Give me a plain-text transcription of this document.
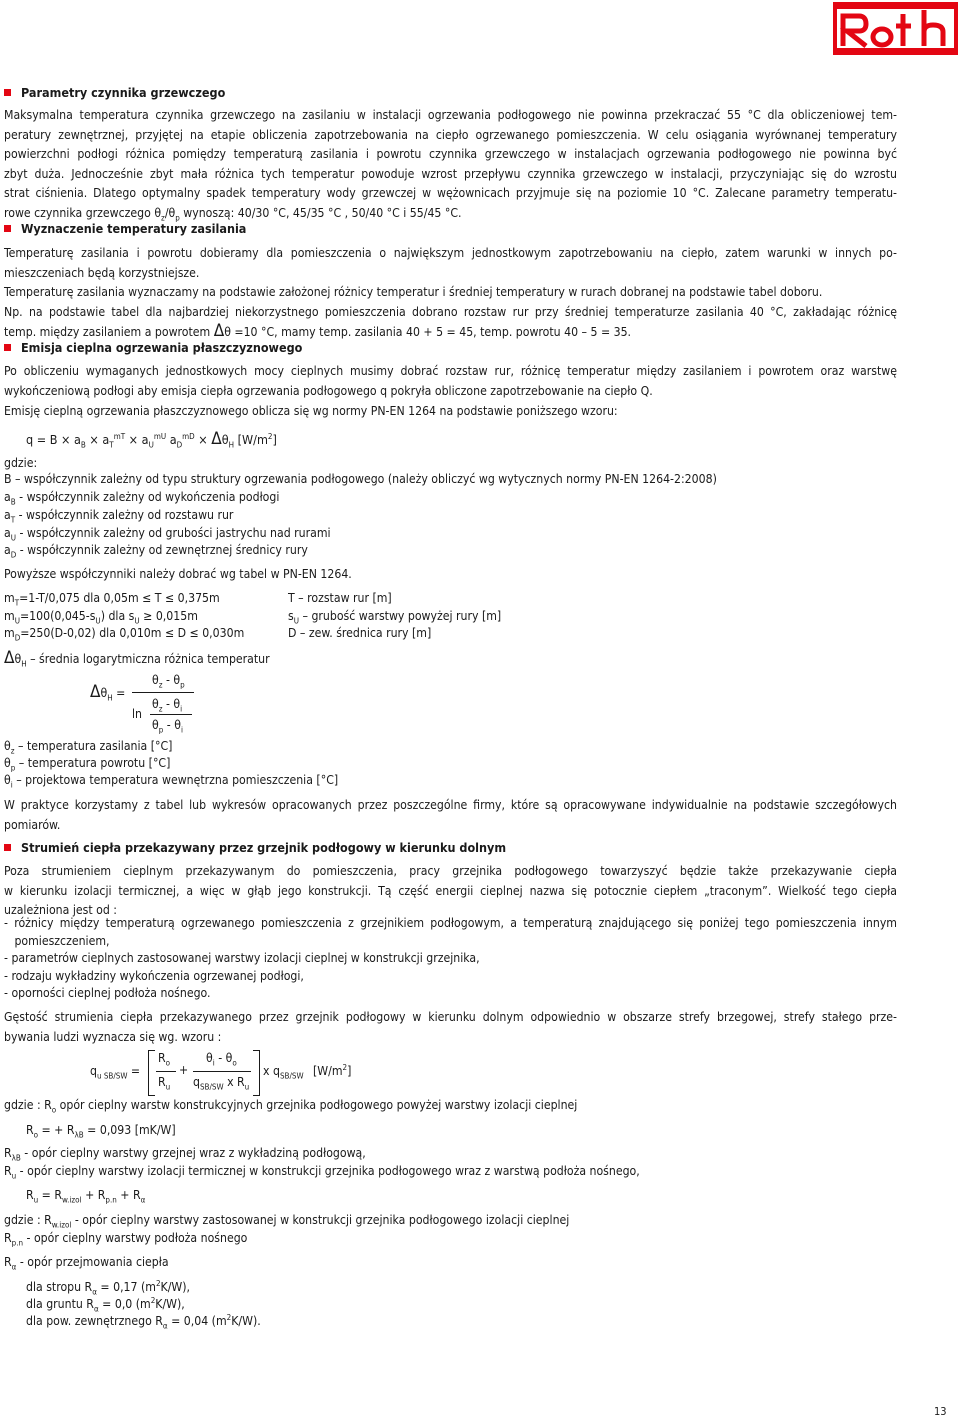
Parametry czynnika grzewczego
Maksymalna temperatura czynnika grzewczego na zasilaniu w instalacji ogrzewania podłogowego nie powinna przekraczać 55 °C dla obliczeniowej tem-
peratury zewnętrznej, przyjętej na etapie obliczenia zapotrzebowania na ciepło ogrzewanego pomieszczenia. W celu osiągania wyrównanej temperatury
powierzchni podłogi różnica pomiędzy temperaturą zasilania i powrotu czynnika grzewczego w instalacjach ogrzewania podłogowego nie powinna być
zbyt duża. Jednocześnie zbyt mała różnica tych temperatur powoduje wzrost przepływu czynnika grzewczego w instalacji, przyczyniając się do wzrostu
strat ciśnienia. Dlatego optymalny spadek temperatury wody grzewczej w wężownicach przyjmuje się na poziomie 10 °C. Zalecane parametry temperatu-
rowe czynnika grzewczego $\theta_z/\theta_p$ wynoszą: 40/30 °C, 45/35 °C , 50/40 °C i 55/45 °C.
Wyznaczenie temperatury zasilania
Temperaturę zasilania i powrotu dobieramy dla pomieszczenia o największym jednostkowym zapotrzebowaniu na ciepło, zatem warunki w innych po-
mieszczeniach będą korzystniejsze.
Temperaturę zasilania wyznaczamy na podstawie założonej różnicy temperatur i średniej temperatury w rurach dobranej na podstawie tabel doboru.
Np. na podstawie tabel dla najbardziej niekorzystnego pomieszczenia dobrano rozstaw rur przy średniej temperaturze zasilania 40 °C, zakładając różnicę
temp. między zasilaniem a powrotem Δθ =10 °C, mamy temp. zasilania 40 + 5 = 45, temp. powrotu 40 – 5 = 35.
Emisja cieplna ogrzewania płaszczyznowego
Po obliczeniu wymaganych jednostkowych mocy cieplnych musimy dobrać rozstaw rur, różnicę temperatur między zasilaniem i powrotem oraz warstwę
wykończeniową podłogi aby emisja ciepła ogrzewania podłogowego q pokryła obliczone zapotrzebowanie na ciepło Q.
Emisję cieplną ogrzewania płaszczyznowego oblicza się wg normy PN-EN 1264 na podstawie poniższego wzoru:
$q = B \times a_B \times a_T^{mT} \times a_U^{mU}$ $a_D^{mD} \times \Delta\theta_H$ $[W/m^2]$
gdzie:
B – współczynnik zależny od typu struktury ogrzewania podłogowego (należy obliczyć wg wytycznych normy PN-EN 1264-2:2008)
$a_B$ - współczynnik zależny od wykończenia podłogi
$a_T$ - współczynnik zależny od rozstawu rur
$a_U$ - współczynnik zależny od grubości jastrychu nad rurami
$a_D$ - współczynnik zależny od zewnętrznej średnicy rury
Powyższe współczynniki należy dobrać wg tabel w PN-EN 1264.
$m_T=1-T/0,075$ dla 0,05m ≤ T ≤ 0,375m
$m_U=100(0,045-s_U)$ dla $s_U \ge 0,015m$
$m_D=250(D-0,02)$ dla 0,010m ≤ D ≤ 0,030m
T – rozstaw rur [m]
$s_U$ – grubość warstwy powyżej rury [m]
D – zew. średnica rury [m]
$\Delta\theta_H$ – średnia logarytmiczna różnica temperatur
$\Delta\theta_H$ =
$\theta_z - \theta_p$
$\theta_z - \theta_i$
ln
$\theta_p - \theta_i$
$\theta_z$ – temperatura zasilania [°C]
$\theta_p$ – temperatura powrotu [°C]
$\theta_i$ – projektowa temperatura wewnętrzna pomieszczenia [°C]
W praktyce korzystamy z tabel lub wykresów opracowanych przez poszczególne firmy, które są opracowywane indywidualnie na podstawie szczegółowych
pomiarów.
Strumień ciepła przekazywany przez grzejnik podłogowy w kierunku dolnym
Poza strumieniem cieplnym przekazywanym do pomieszczenia, pracy grzejnika podłogowego towarzyszyć będzie także przekazywanie ciepła
w kierunku izolacji termicznej, a więc w głąb jego konstrukcji. Tą część energii cieplnej nazwa się potocznie ciepłem „traconym”. Wielkość tego ciepła
uzależniona jest od :
- różnicy między temperaturą ogrzewanego pomieszczenia z grzejnikiem podłogowym, a temperaturą znajdującego się poniżej tego pomieszczenia innym
pomieszczeniem,
- parametrów cieplnych zastosowanej warstwy izolacji cieplnej w konstrukcji grzejnika,
- rodzaju wykładziny wykończenia ogrzewanej podłogi,
- oporności cieplnej podłoża nośnego.
Gęstość strumienia ciepła przekazywanego przez grzejnik podłogowy w kierunku dolnym odpowiednio w obszarze strefy brzegowej, strefy stałego prze-
bywania ludzi wyznacza się wg. wzoru :
$q_{u SB/SW}$ =
$R_o$
$R_u$
+
$\theta_i - \theta_o$
$q_{SB/SW}$ x $R_u$
x $q_{SB/SW}$ $[W/m^2]$
gdzie : $R_o$ opór cieplny warstw konstrukcyjnych grzejnika podłogowego powyżej warstwy izolacji cieplnej
$R_o$ = + $R_{\lambda B} = 0,093$ [mK/W]
$R_{\lambda B}$ - opór cieplny warstwy grzejnej wraz z wykładziną podłogową,
$R_u$ - opór cieplny warstwy izolacji termicznej w konstrukcji grzejnika podłogowego wraz z warstwą podłoża nośnego,
$R_u = R_{w.izol} + R_{p.n} + R_\alpha$
gdzie : $R_{w.izol}$ - opór cieplny warstwy zastosowanej w konstrukcji grzejnika podłogowego izolacji cieplnej
$R_{p.n}$ - opór cieplny warstwy podłoża nośnego
$R_\alpha$ - opór przejmowania ciepła
dla stropu $R_\alpha = 0,17$ $(m^2K/W)$,
dla gruntu $R_\alpha = 0,0$ $(m^2K/W)$,
dla pow. zewnętrznego $R_\alpha = 0,04$ $(m^2K/W)$.
13
